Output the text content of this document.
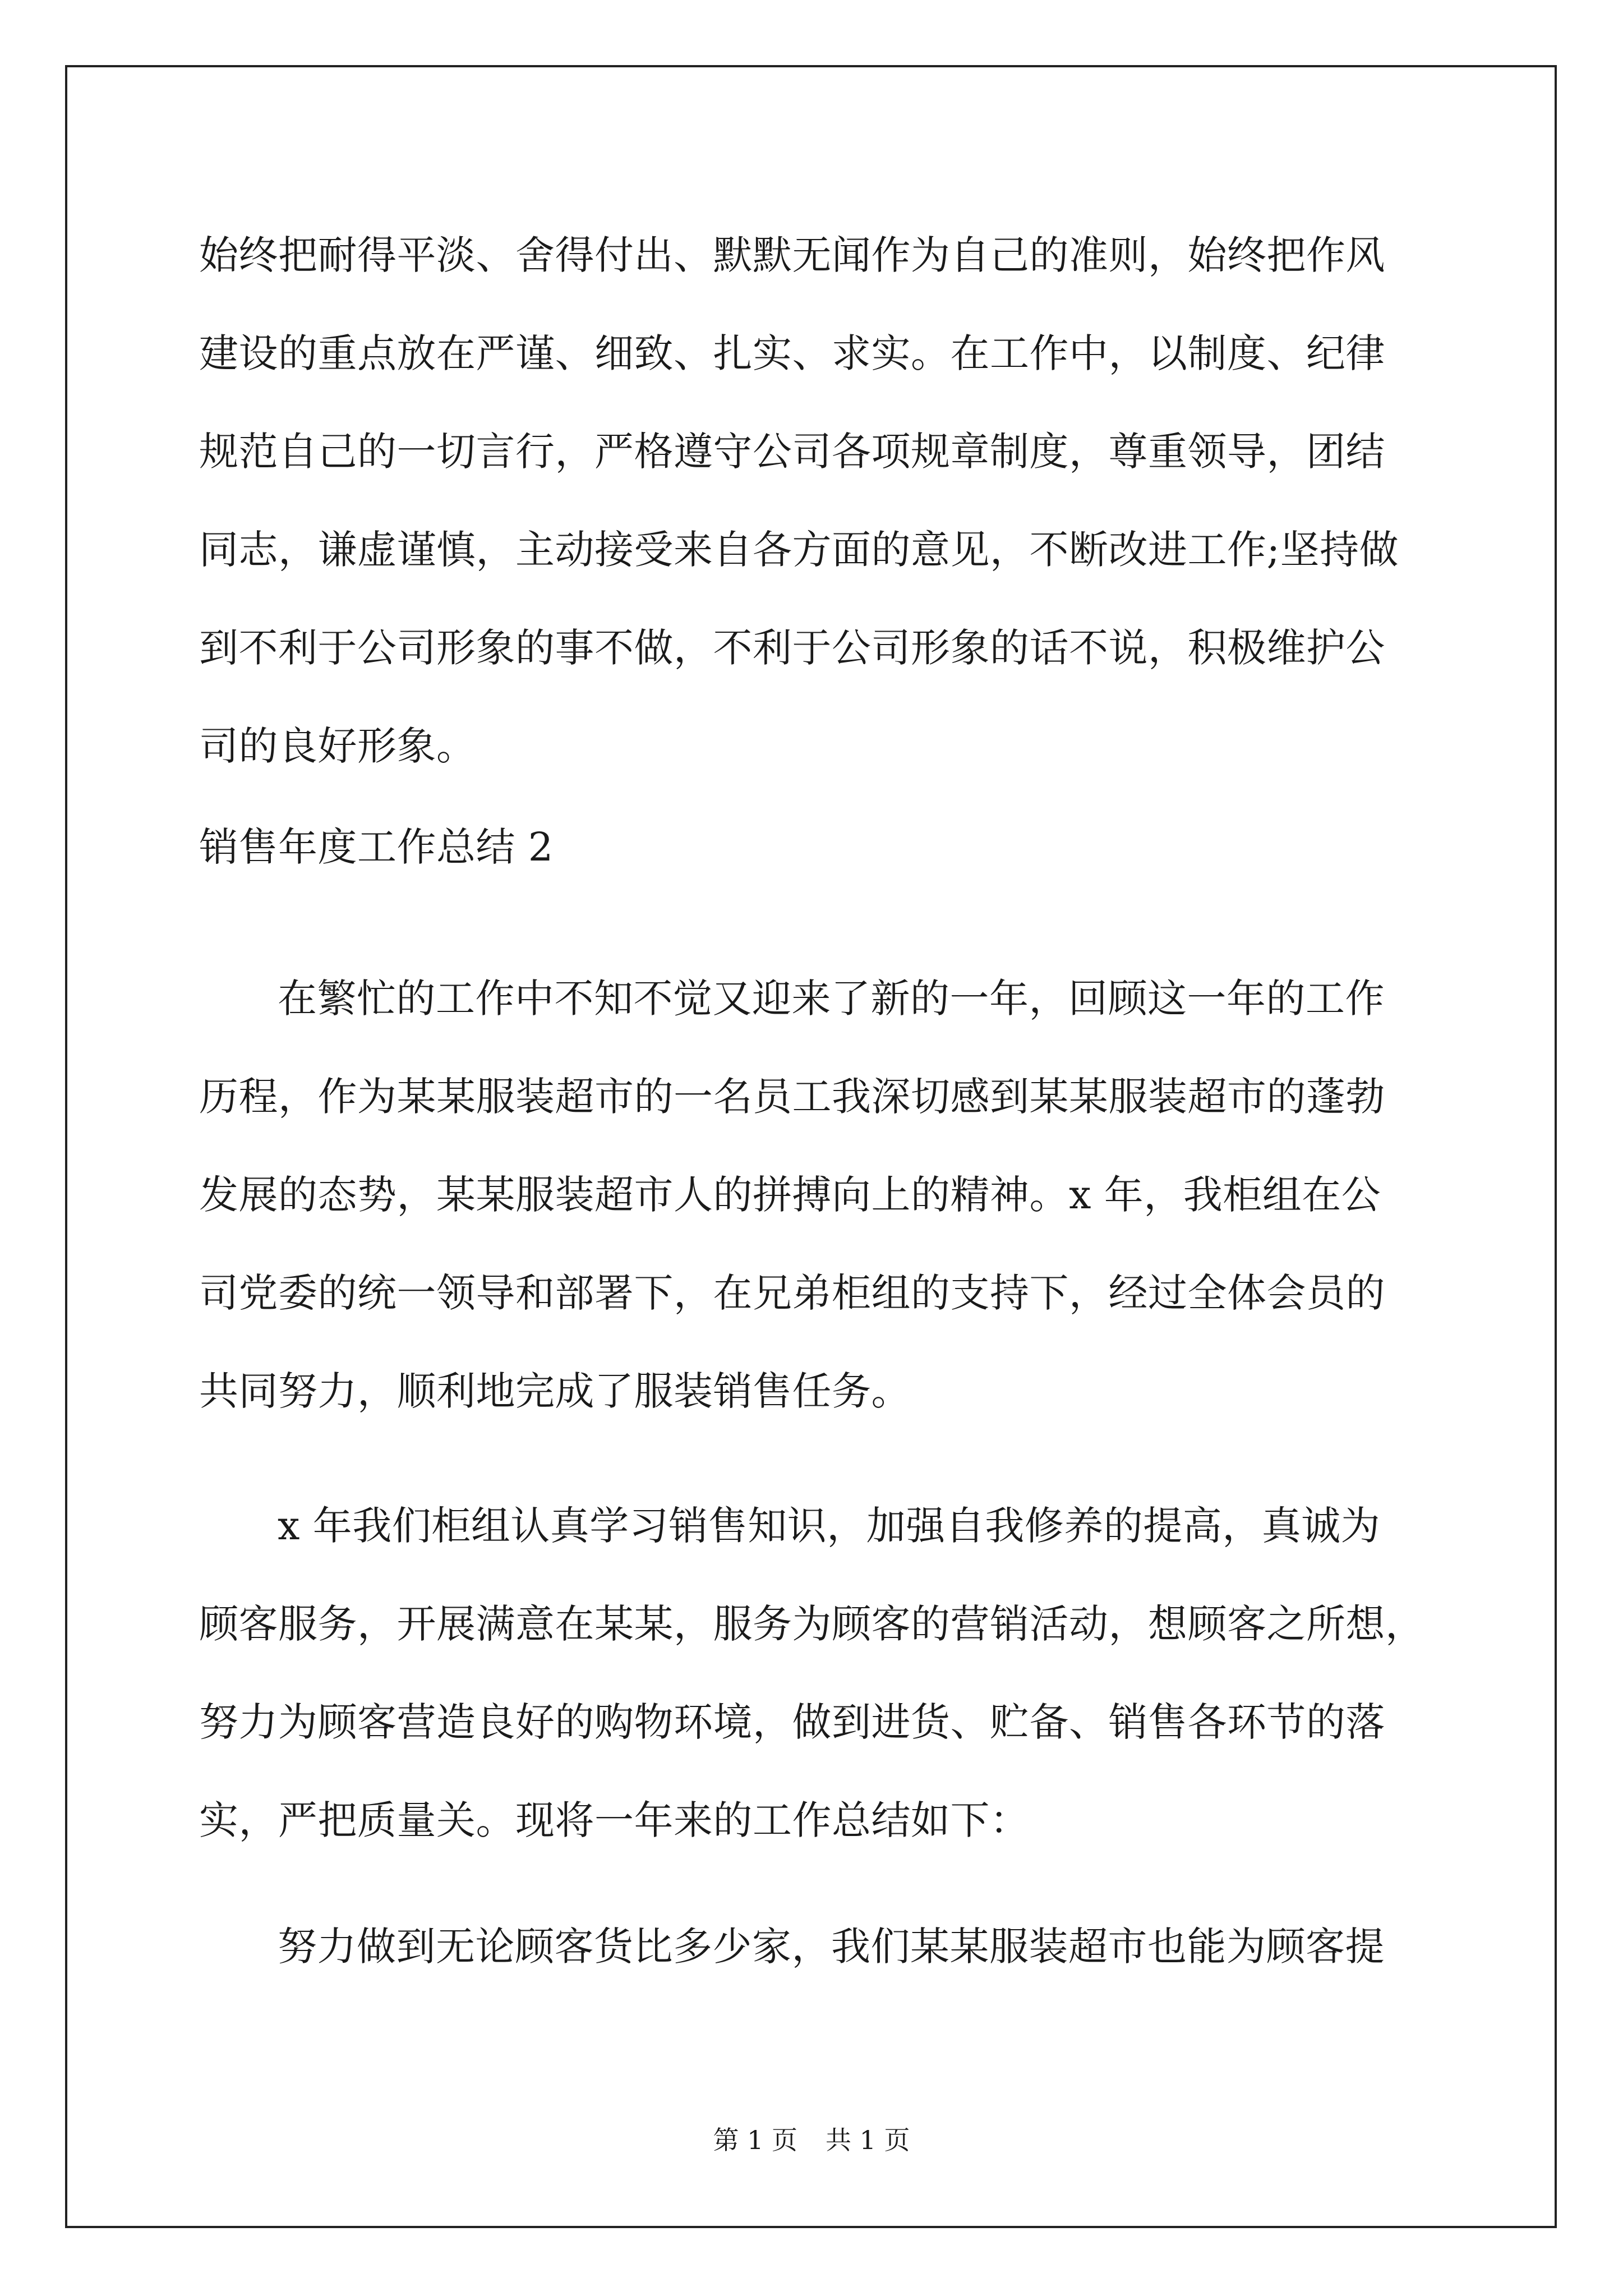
始终把耐得平淡、舍得付出、默默无闻作为自己的准则，始终把作风
建设的重点放在严谨、细致、扎实、求实。在工作中，以制度、纪律
规范自己的一切言行，严格遵守公司各项规章制度，尊重领导，团结
同志，谦虚谨慎，主动接受来自各方面的意见，不断改进工作;坚持做
到不利于公司形象的事不做，不利于公司形象的话不说，积极维护公
司的良好形象。
销售年度工作总结 2
在繁忙的工作中不知不觉又迎来了新的一年，回顾这一年的工作
历程，作为某某服装超市的一名员工我深切感到某某服装超市的蓬勃
发展的态势，某某服装超市人的拼搏向上的精神。x 年，我柜组在公
司党委的统一领导和部署下，在兄弟柜组的支持下，经过全体会员的
共同努力，顺利地完成了服装销售任务。
x 年我们柜组认真学习销售知识，加强自我修养的提高，真诚为
顾客服务，开展满意在某某，服务为顾客的营销活动，想顾客之所想，
努力为顾客营造良好的购物环境，做到进货、贮备、销售各环节的落
实，严把质量关。现将一年来的工作总结如下：
努力做到无论顾客货比多少家，我们某某服装超市也能为顾客提
第 1 页 共 1 页
